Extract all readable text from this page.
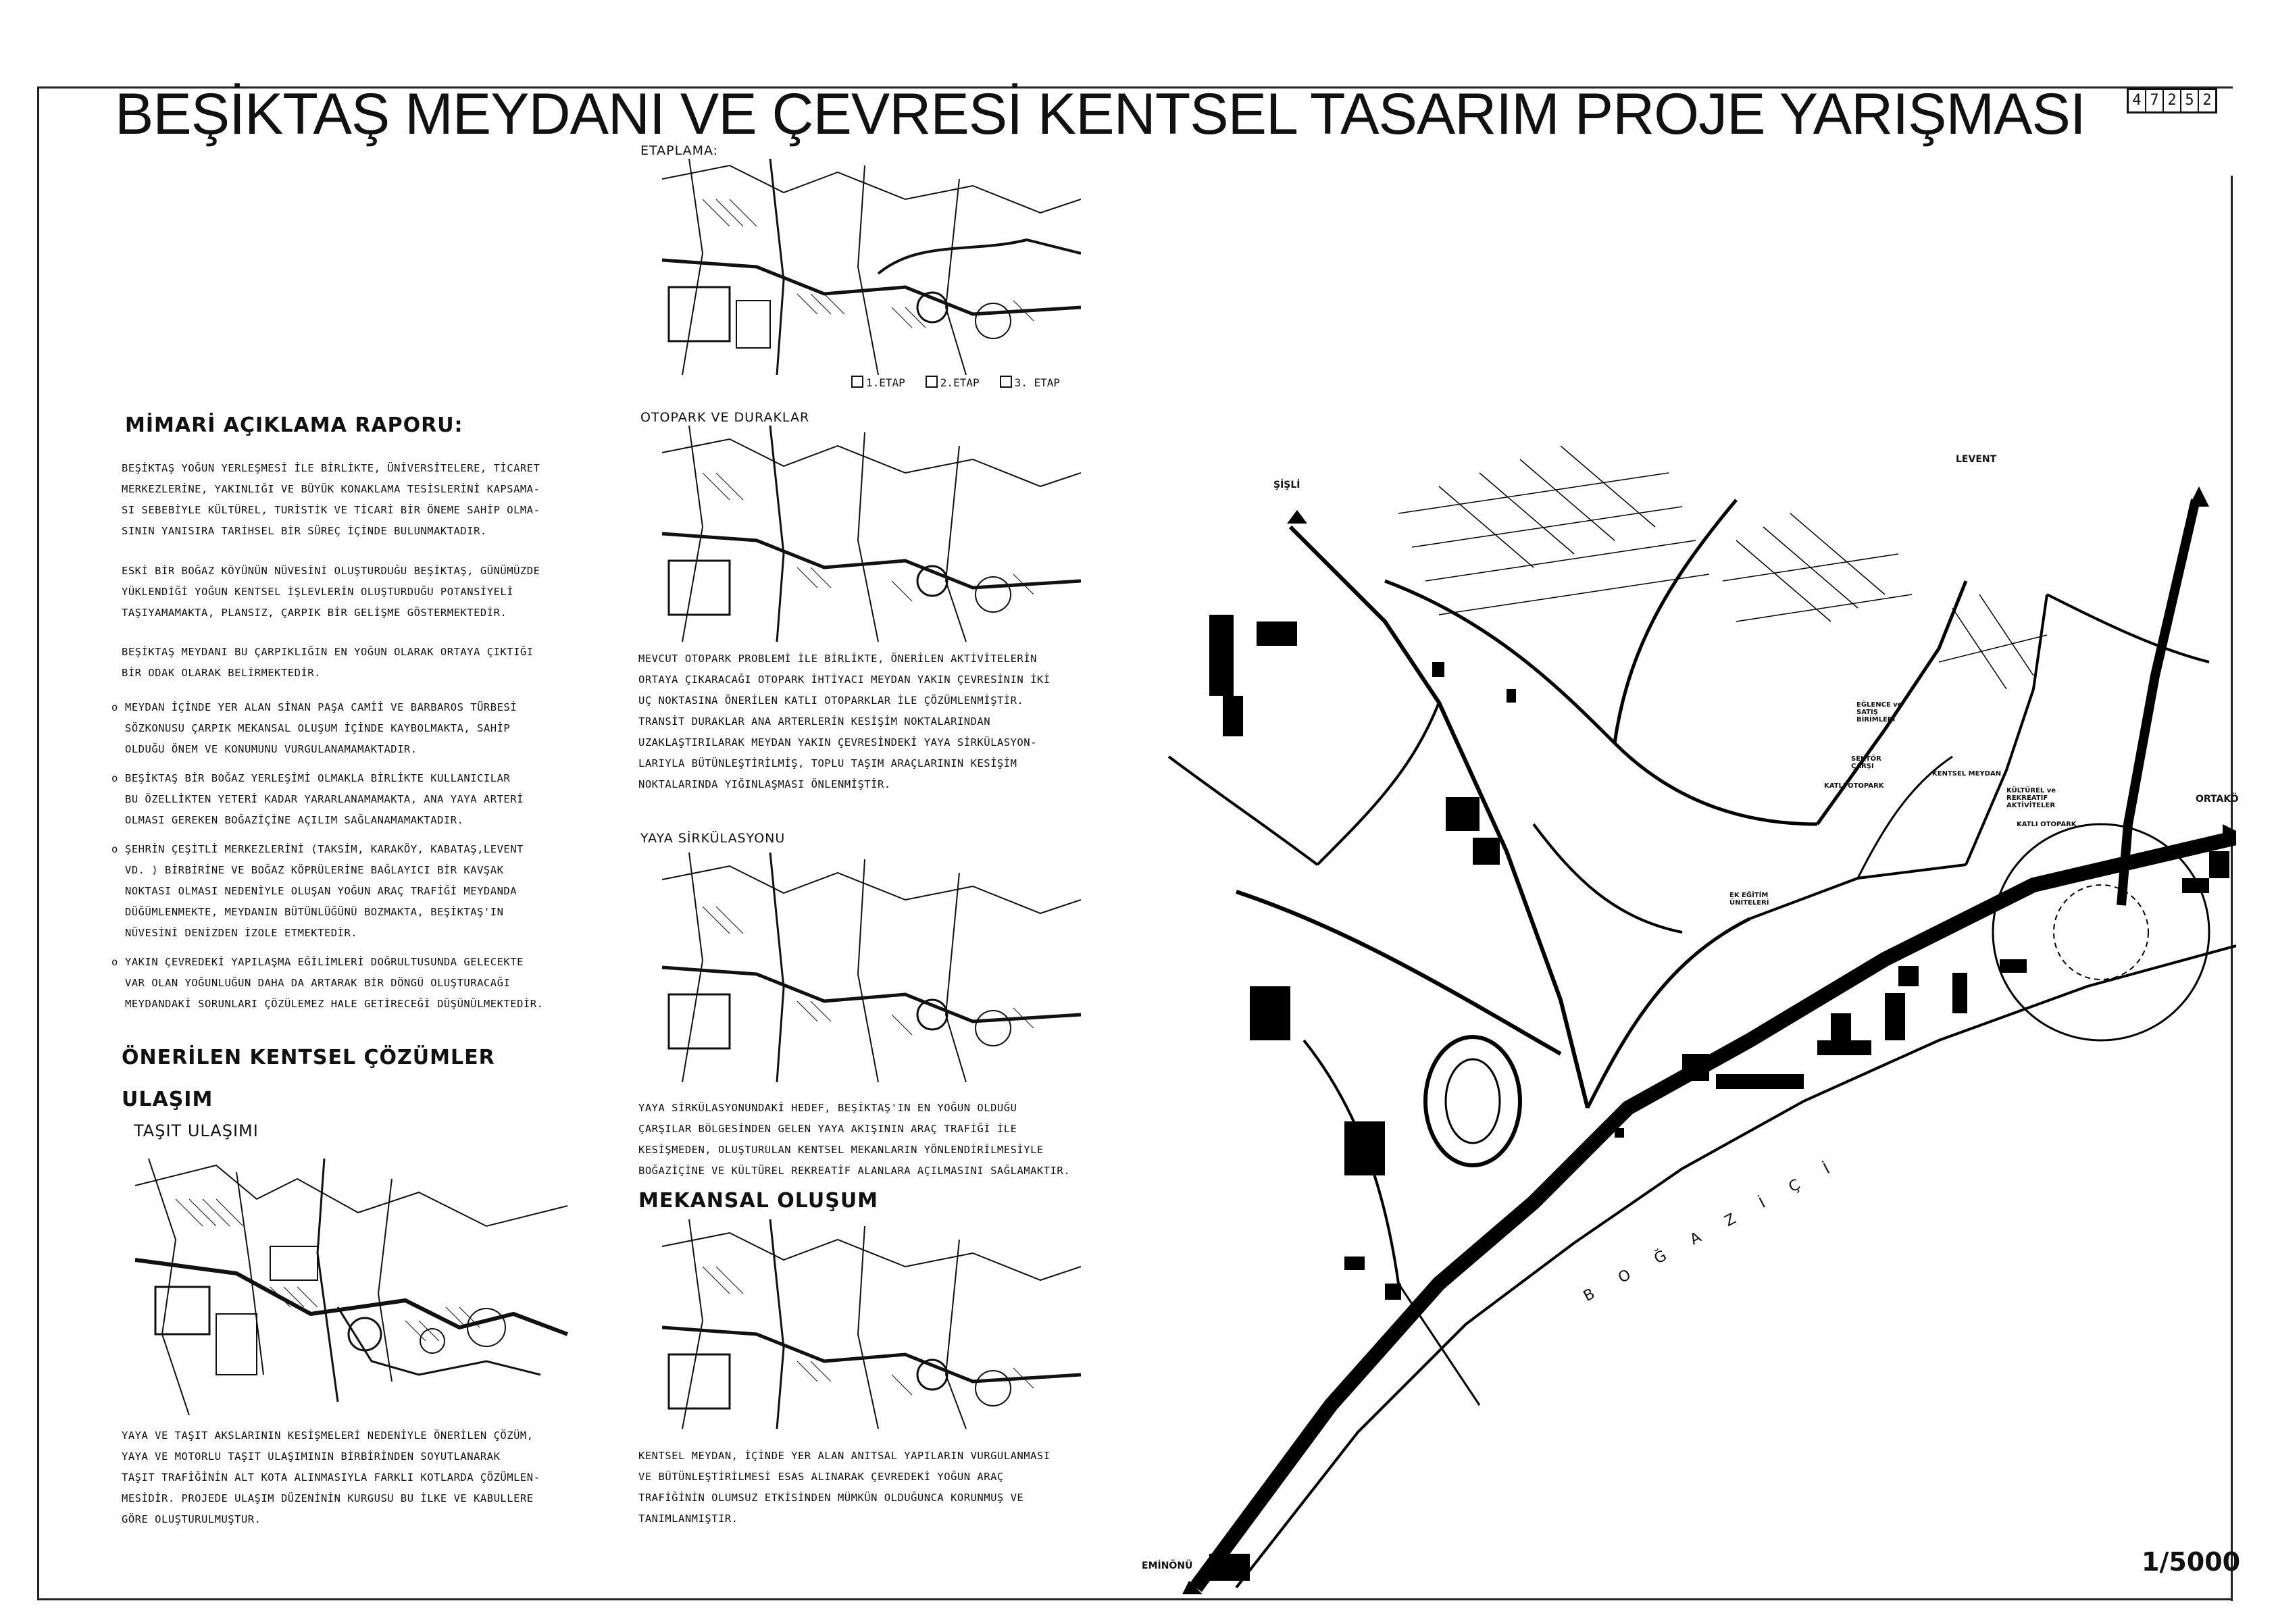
BEŞİKTAŞ MEYDANI VE ÇEVRESİ KENTSEL TASARIM PROJE YARIŞMASI	4 7 2 5 2
MİMARİ AÇIKLAMA RAPORU:
BEŞİKTAŞ YOĞUN YERLEŞMESİ İLE BİRLİKTE, ÜNİVERSİTELERE, TİCARET
MERKEZLERİNE, YAKINLIĞI VE BÜYÜK KONAKLAMA TESİSLERİNİ KAPSAMA-
SI SEBEBİYLE KÜLTÜREL, TURİSTİK VE TİCARİ BİR ÖNEME SAHİP OLMA-
SININ YANISIRA TARİHSEL BİR SÜREÇ İÇİNDE BULUNMAKTADIR.
ESKİ BİR BOĞAZ KÖYÜNÜN NÜVESİNİ OLUŞTURDUĞU BEŞİKTAŞ, GÜNÜMÜZDE
YÜKLENDİĞİ YOĞUN KENTSEL İŞLEVLERİN OLUŞTURDUĞU POTANSİYELİ
TAŞIYAMAMAKTA, PLANSIZ, ÇARPIK BİR GELİŞME GÖSTERMEKTEDİR.
BEŞİKTAŞ MEYDANI BU ÇARPIKLIĞIN EN YOĞUN OLARAK ORTAYA ÇIKTIĞI
BİR ODAK OLARAK BELİRMEKTEDİR.
o MEYDAN İÇİNDE YER ALAN SİNAN PAŞA CAMİİ VE BARBAROS TÜRBESİ
SÖZKONUSU ÇARPIK MEKANSAL OLUŞUM İÇİNDE KAYBOLMAKTA, SAHİP
OLDUĞU ÖNEM VE KONUMUNU VURGULANAMAMAKTADIR.
o BEŞİKTAŞ BİR BOĞAZ YERLEŞİMİ OLMAKLA BİRLİKTE KULLANICILAR
BU ÖZELLİKTEN YETERİ KADAR YARARLANAMAMAKTA, ANA YAYA ARTERİ
OLMASI GEREKEN BOĞAZİÇİNE AÇILIM SAĞLANAMAMAKTADIR.
o ŞEHRİN ÇEŞİTLİ MERKEZLERİNİ (TAKSİM, KARAKÖY, KABATAŞ,LEVENT
VD. ) BİRBİRİNE VE BOĞAZ KÖPRÜLERİNE BAĞLAYICI BİR KAVŞAK
NOKTASI OLMASI NEDENİYLE OLUŞAN YOĞUN ARAÇ TRAFİĞİ MEYDANDA
DÜĞÜMLENMEKTE, MEYDANIN BÜTÜNLÜĞÜNÜ BOZMAKTA, BEŞİKTAŞ'IN
NÜVESİNİ DENİZDEN İZOLE ETMEKTEDİR.
o YAKIN ÇEVREDEKİ YAPILAŞMA EĞİLİMLERİ DOĞRULTUSUNDA GELECEKTE
VAR OLAN YOĞUNLUĞUN DAHA DA ARTARAK BİR DÖNGÜ OLUŞTURACAĞI
MEYDANDAKİ SORUNLARI ÇÖZÜLEMEZ HALE GETİRECEĞİ DÜŞÜNÜLMEKTEDİR.
ÖNERİLEN KENTSEL ÇÖZÜMLER
ULAŞIM
TAŞIT ULAŞIMI
YAYA VE TAŞIT AKSLARININ KESİŞMELERİ NEDENİYLE ÖNERİLEN ÇÖZÜM,
YAYA VE MOTORLU TAŞIT ULAŞIMININ BİRBİRİNDEN SOYUTLANARAK
TAŞIT TRAFİĞİNİN ALT KOTA ALINMASIYLA FARKLI KOTLARDA ÇÖZÜMLEN-
MESİDİR. PROJEDE ULAŞIM DÜZENİNİN KURGUSU BU İLKE VE KABULLERE
GÖRE OLUŞTURULMUŞTUR.
ETAPLAMA:
1.ETAP	2.ETAP	3. ETAP
OTOPARK VE DURAKLAR
MEVCUT OTOPARK PROBLEMİ İLE BİRLİKTE, ÖNERİLEN AKTİVİTELERİN
ORTAYA ÇIKARACAĞI OTOPARK İHTİYACI MEYDAN YAKIN ÇEVRESİNIN İKİ
UÇ NOKTASINA ÖNERİLEN KATLI OTOPARKLAR İLE ÇÖZÜMLENMİŞTİR.
TRANSİT DURAKLAR ANA ARTERLERİN KESİŞİM NOKTALARINDAN
UZAKLAŞTIRILARAK MEYDAN YAKIN ÇEVRESİNDEKİ YAYA SİRKÜLASYON-
LARIYLA BÜTÜNLEŞTİRİLMİŞ, TOPLU TAŞIM ARAÇLARININ KESİŞİM
NOKTALARINDA YIĞINLAŞMASI ÖNLENMİŞTİR.
YAYA SİRKÜLASYONU
YAYA SİRKÜLASYONUNDAKİ HEDEF, BEŞİKTAŞ'IN EN YOĞUN OLDUĞU
ÇARŞILAR BÖLGESİNDEN GELEN YAYA AKIŞININ ARAÇ TRAFİĞİ İLE
KESİŞMEDEN, OLUŞTURULAN KENTSEL MEKANLARIN YÖNLENDİRİLMESİYLE
BOĞAZİÇİNE VE KÜLTÜREL REKREATİF ALANLARA AÇILMASINI SAĞLAMAKTIR.
MEKANSAL OLUŞUM
KENTSEL MEYDAN, İÇİNDE YER ALAN ANITSAL YAPILARIN VURGULANMASI
VE BÜTÜNLEŞTİRİLMESİ ESAS ALINARAK ÇEVREDEKİ YOĞUN ARAÇ
TRAFİĞİNİN OLUMSUZ ETKİSİNDEN MÜMKÜN OLDUĞUNCA KORUNMUŞ VE
TANIMLANMIŞTIR.
ŞİŞLİ
LEVENT
ORTAKÖ
EMİNÖNÜ
B O Ğ A Z İ Ç İ
EĞLENCE ve SATIŞ BİRİMLERİ
SEKTÖR ÇARŞI
KATLI OTOPARK
KENTSEL MEYDAN
KÜLTÜREL ve REKREATİF AKTİVİTELER
KATLI OTOPARK
EK EĞİTİM ÜNİTELERİ
1/5000
